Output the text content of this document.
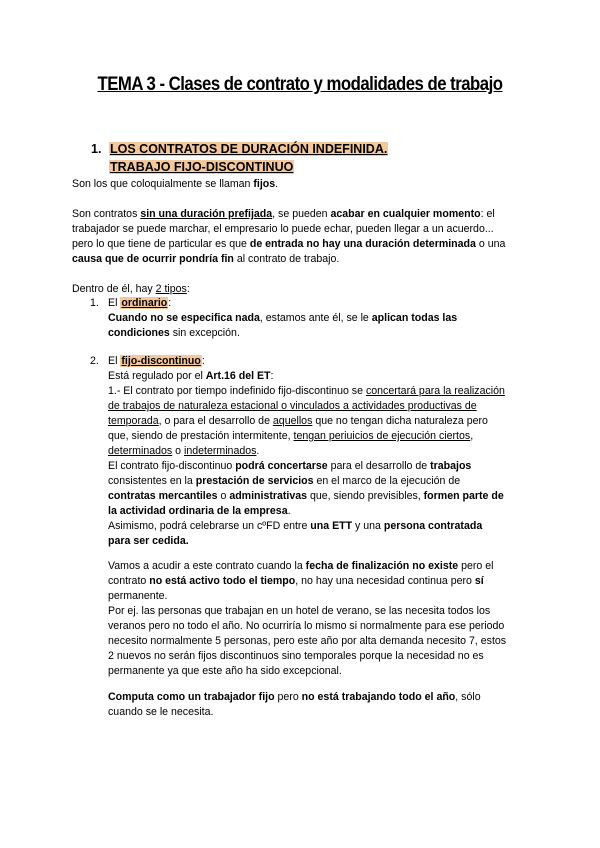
TEMA 3 - Clases de contrato y modalidades de trabajo
1. LOS CONTRATOS DE DURACIÓN INDEFINIDA.
TRABAJO FIJO-DISCONTINUO
Son los que coloquialmente se llaman fijos.
Son contratos sin una duración prefijada, se pueden acabar en cualquier momento: el
trabajador se puede marchar, el empresario lo puede echar, pueden llegar a un acuerdo...
pero lo que tiene de particular es que de entrada no hay una duración determinada o una
causa que de ocurrir pondría fin al contrato de trabajo.
Dentro de él, hay 2 tipos:
1. El ordinario:
Cuando no se especifica nada, estamos ante él, se le aplican todas las
condiciones sin excepción.
2. El fijo-discontinuo:
Está regulado por el Art.16 del ET:
1.- El contrato por tiempo indefinido fijo-discontinuo se concertará para la realización
de trabajos de naturaleza estacional o vinculados a actividades productivas de
temporada, o para el desarrollo de aquellos que no tengan dicha naturaleza pero
que, siendo de prestación intermitente, tengan periuicios de ejecución ciertos,
determinados o indeterminados.
El contrato fijo-discontinuo podrá concertarse para el desarrollo de trabajos
consistentes en la prestación de servicios en el marco de la ejecución de
contratas mercantiles o administrativas que, siendo previsibles, formen parte de
la actividad ordinaria de la empresa.
Asimismo, podrá celebrarse un cºFD entre una ETT y una persona contratada
para ser cedida.
Vamos a acudir a este contrato cuando la fecha de finalización no existe pero el
contrato no está activo todo el tiempo, no hay una necesidad continua pero sí
permanente.
Por ej. las personas que trabajan en un hotel de verano, se las necesita todos los
veranos pero no todo el año. No ocurriría lo mismo si normalmente para ese periodo
necesito normalmente 5 personas, pero este año por alta demanda necesito 7, estos
2 nuevos no serán fijos discontinuos sino temporales porque la necesidad no es
permanente ya que este año ha sido excepcional.
Computa como un trabajador fijo pero no está trabajando todo el año, sólo
cuando se le necesita.
